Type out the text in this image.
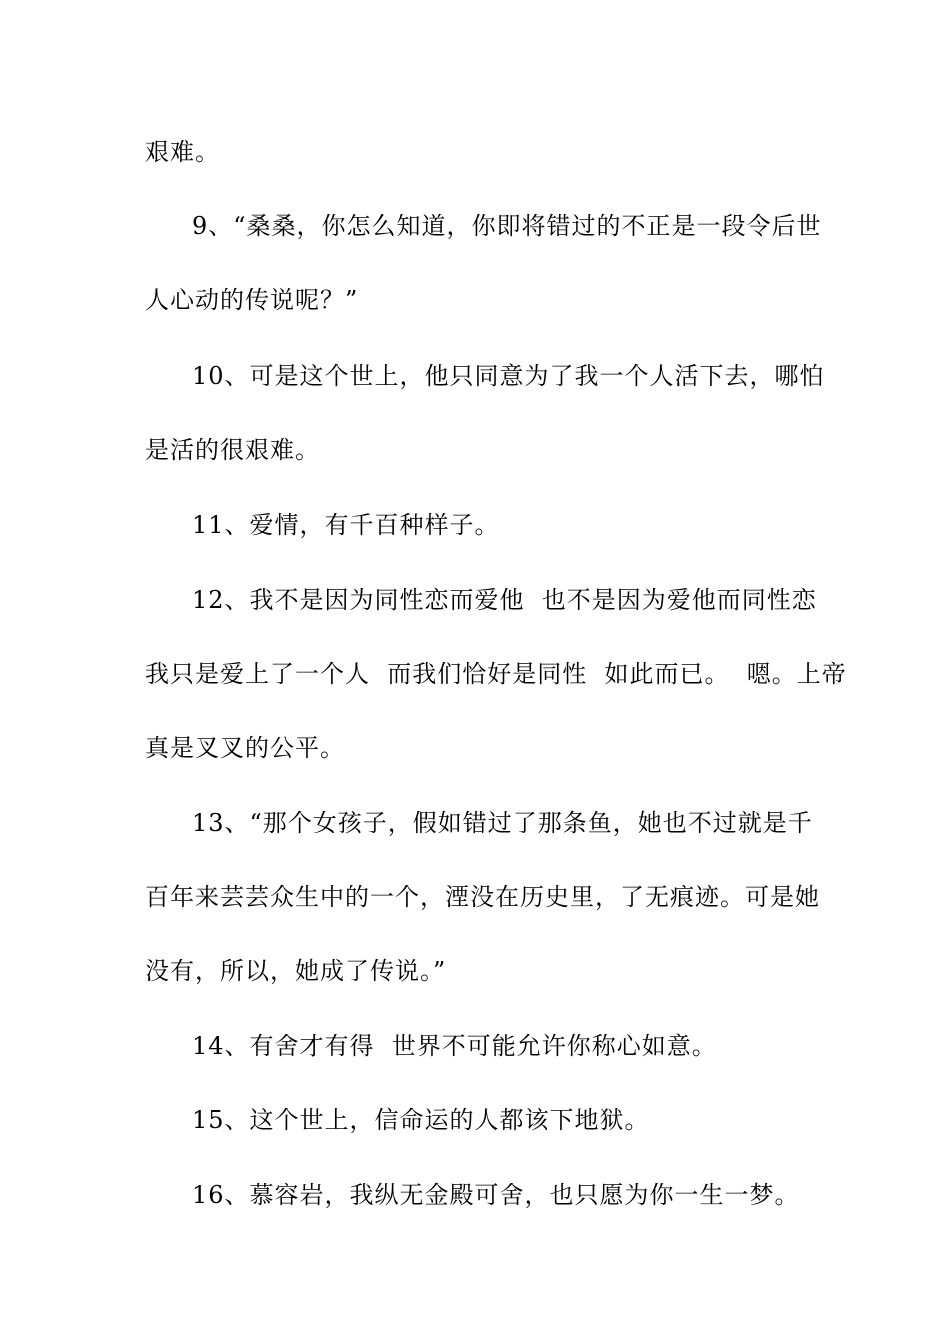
艰难。
9、“桑桑，你怎么知道，你即将错过的不正是一段令后世
人心动的传说呢？”
10、可是这个世上，他只同意为了我一个人活下去，哪怕
是活的很艰难。
11、爱情，有千百种样子。
12、我不是因为同性恋而爱他  也不是因为爱他而同性恋
我只是爱上了一个人  而我们恰好是同性  如此而已。  嗯。上帝
真是叉叉的公平。
13、“那个女孩子，假如错过了那条鱼，她也不过就是千
百年来芸芸众生中的一个，湮没在历史里，了无痕迹。可是她
没有，所以，她成了传说。”
14、有舍才有得  世界不可能允许你称心如意。
15、这个世上，信命运的人都该下地狱。
16、慕容岩，我纵无金殿可舍，也只愿为你一生一梦。
